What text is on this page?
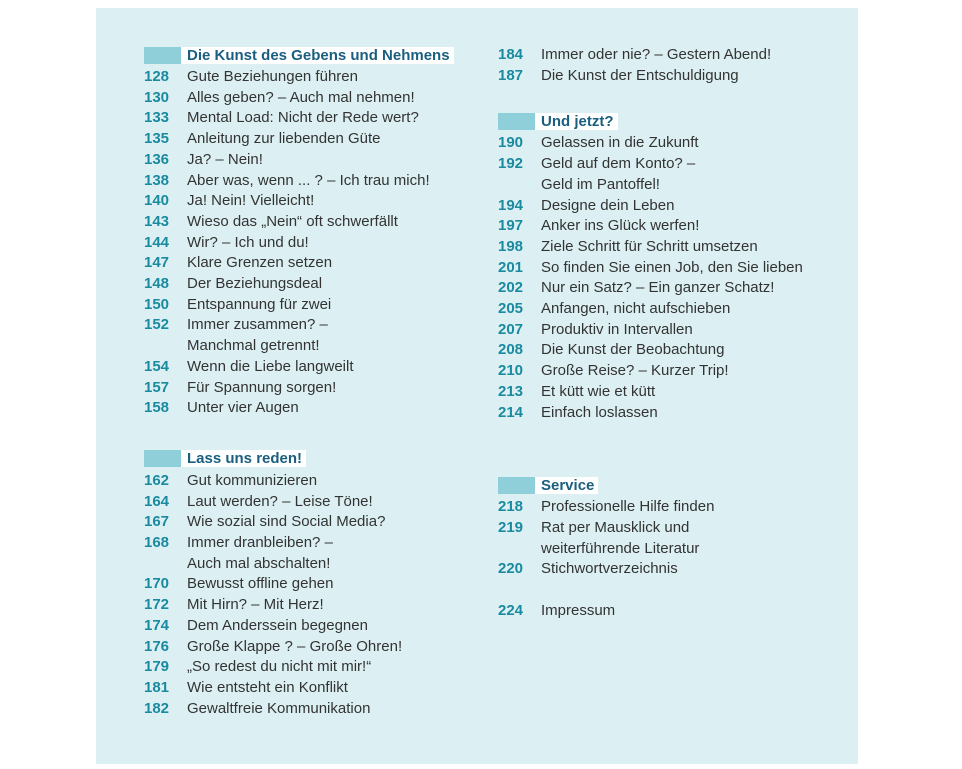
Die Kunst des Gebens und Nehmens
128	Gute Beziehungen führen
130	Alles geben? – Auch mal nehmen!
133	Mental Load: Nicht der Rede wert?
135	Anleitung zur liebenden Güte
136	Ja? – Nein!
138	Aber was, wenn ... ? – Ich trau mich!
140	Ja! Nein! Vielleicht!
143	Wieso das „Nein“ oft schwerfällt
144	Wir? – Ich und du!
147	Klare Grenzen setzen
148	Der Beziehungsdeal
150	Entspannung für zwei
152	Immer zusammen? –
Manchmal getrennt!
154	Wenn die Liebe langweilt
157	Für Spannung sorgen!
158	Unter vier Augen
Lass uns reden!
162	Gut kommunizieren
164	Laut werden? – Leise Töne!
167	Wie sozial sind Social Media?
168	Immer dranbleiben? –
Auch mal abschalten!
170	Bewusst offline gehen
172	Mit Hirn? – Mit Herz!
174	Dem Anderssein begegnen
176	Große Klappe ? – Große Ohren!
179	„So redest du nicht mit mir!“
181	Wie entsteht ein Konflikt
182	Gewaltfreie Kommunikation
184	Immer oder nie? – Gestern Abend!
187	Die Kunst der Entschuldigung
Und jetzt?
190	Gelassen in die Zukunft
192	Geld auf dem Konto? –
Geld im Pantoffel!
194	Designe dein Leben
197	Anker ins Glück werfen!
198	Ziele Schritt für Schritt umsetzen
201	So finden Sie einen Job, den Sie lieben
202	Nur ein Satz? – Ein ganzer Schatz!
205	Anfangen, nicht aufschieben
207	Produktiv in Intervallen
208	Die Kunst der Beobachtung
210	Große Reise? – Kurzer Trip!
213	Et kütt wie et kütt
214	Einfach loslassen
Service
218	Professionelle Hilfe finden
219	Rat per Mausklick und
weiterführende Literatur
220	Stichwortverzeichnis
224	Impressum
